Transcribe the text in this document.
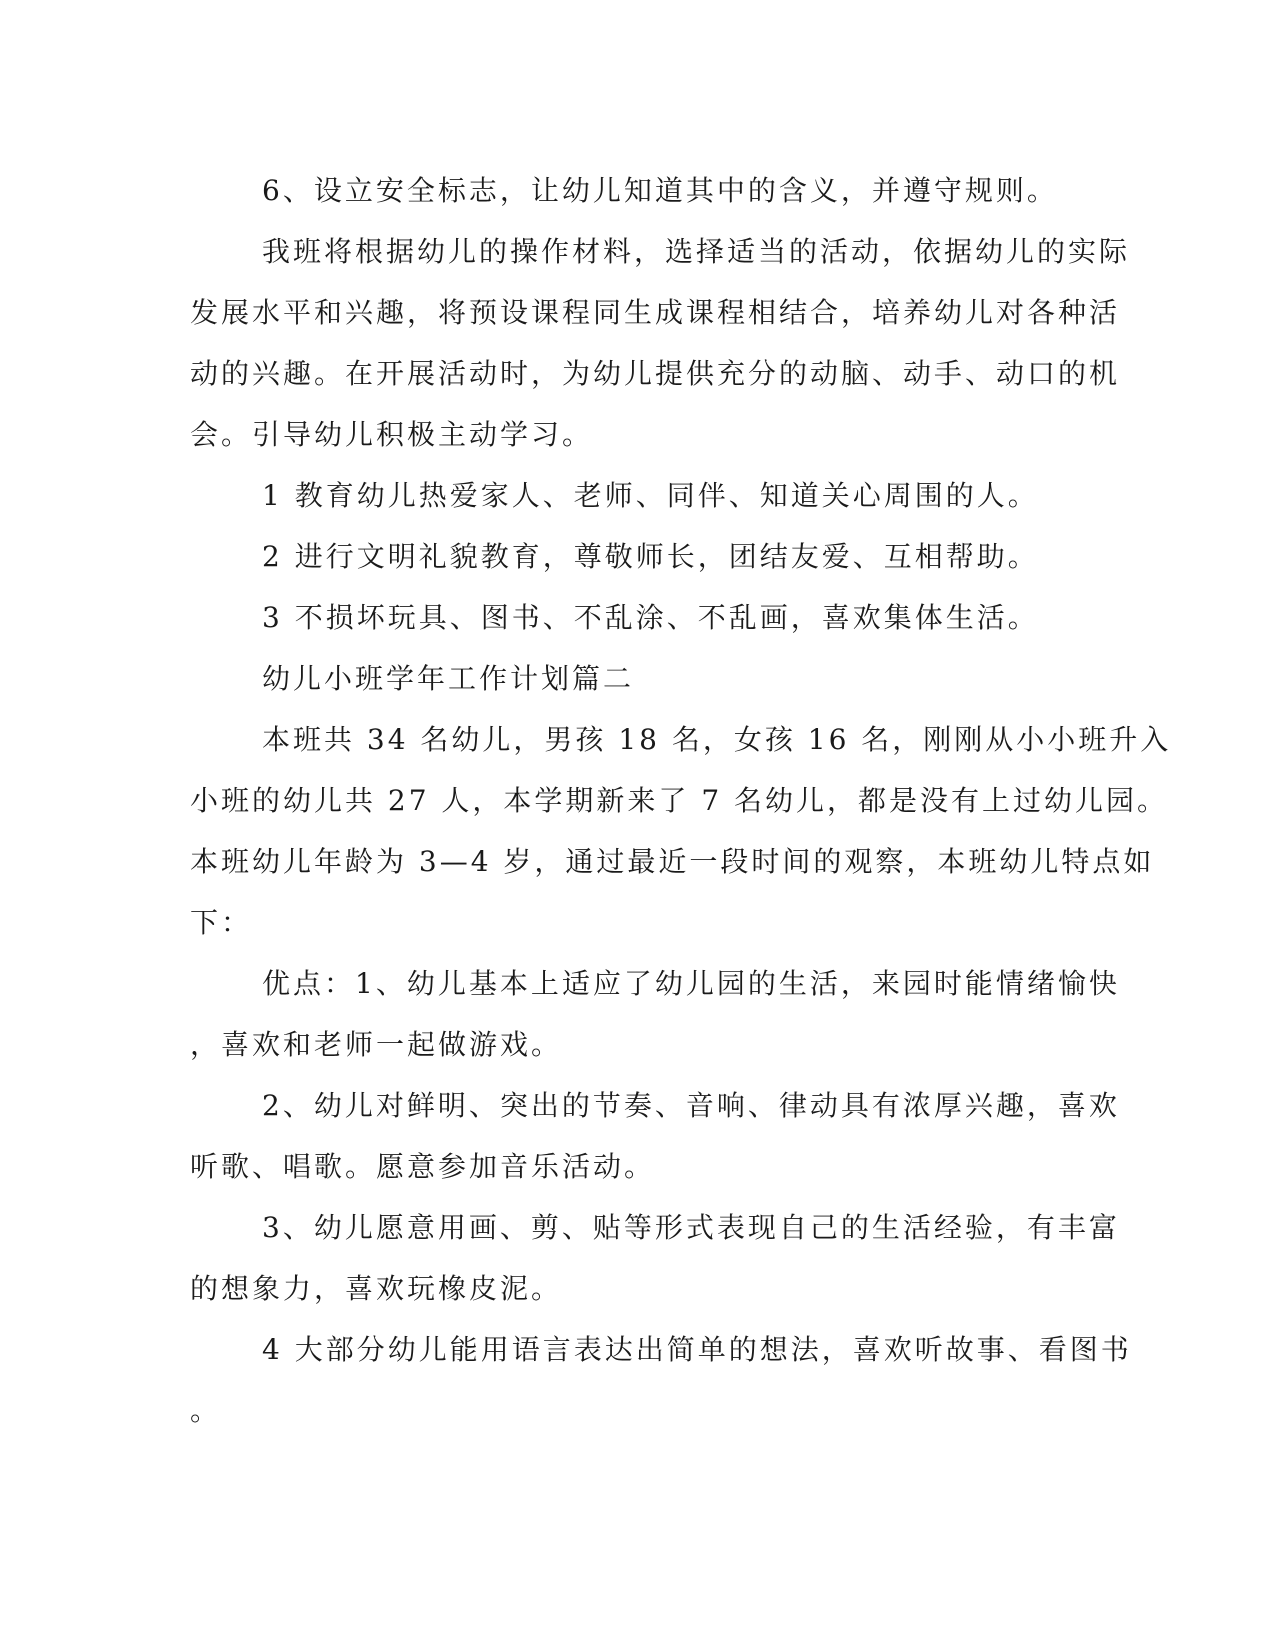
6、设立安全标志，让幼儿知道其中的含义，并遵守规则。

我班将根据幼儿的操作材料，选择适当的活动，依据幼儿的实际
发展水平和兴趣，将预设课程同生成课程相结合，培养幼儿对各种活
动的兴趣。在开展活动时，为幼儿提供充分的动脑、动手、动口的机
会。引导幼儿积极主动学习。

1 教育幼儿热爱家人、老师、同伴、知道关心周围的人。

2 进行文明礼貌教育，尊敬师长，团结友爱、互相帮助。

3 不损坏玩具、图书、不乱涂、不乱画，喜欢集体生活。

幼儿小班学年工作计划篇二

本班共 34 名幼儿，男孩 18 名，女孩 16 名，刚刚从小小班升入
小班的幼儿共 27 人，本学期新来了 7 名幼儿，都是没有上过幼儿园。
本班幼儿年龄为 3—4 岁，通过最近一段时间的观察，本班幼儿特点如
下：

优点：1、幼儿基本上适应了幼儿园的生活，来园时能情绪愉快
，喜欢和老师一起做游戏。

2、幼儿对鲜明、突出的节奏、音响、律动具有浓厚兴趣，喜欢
听歌、唱歌。愿意参加音乐活动。

3、幼儿愿意用画、剪、贴等形式表现自己的生活经验，有丰富
的想象力，喜欢玩橡皮泥。

4 大部分幼儿能用语言表达出简单的想法，喜欢听故事、看图书
。
